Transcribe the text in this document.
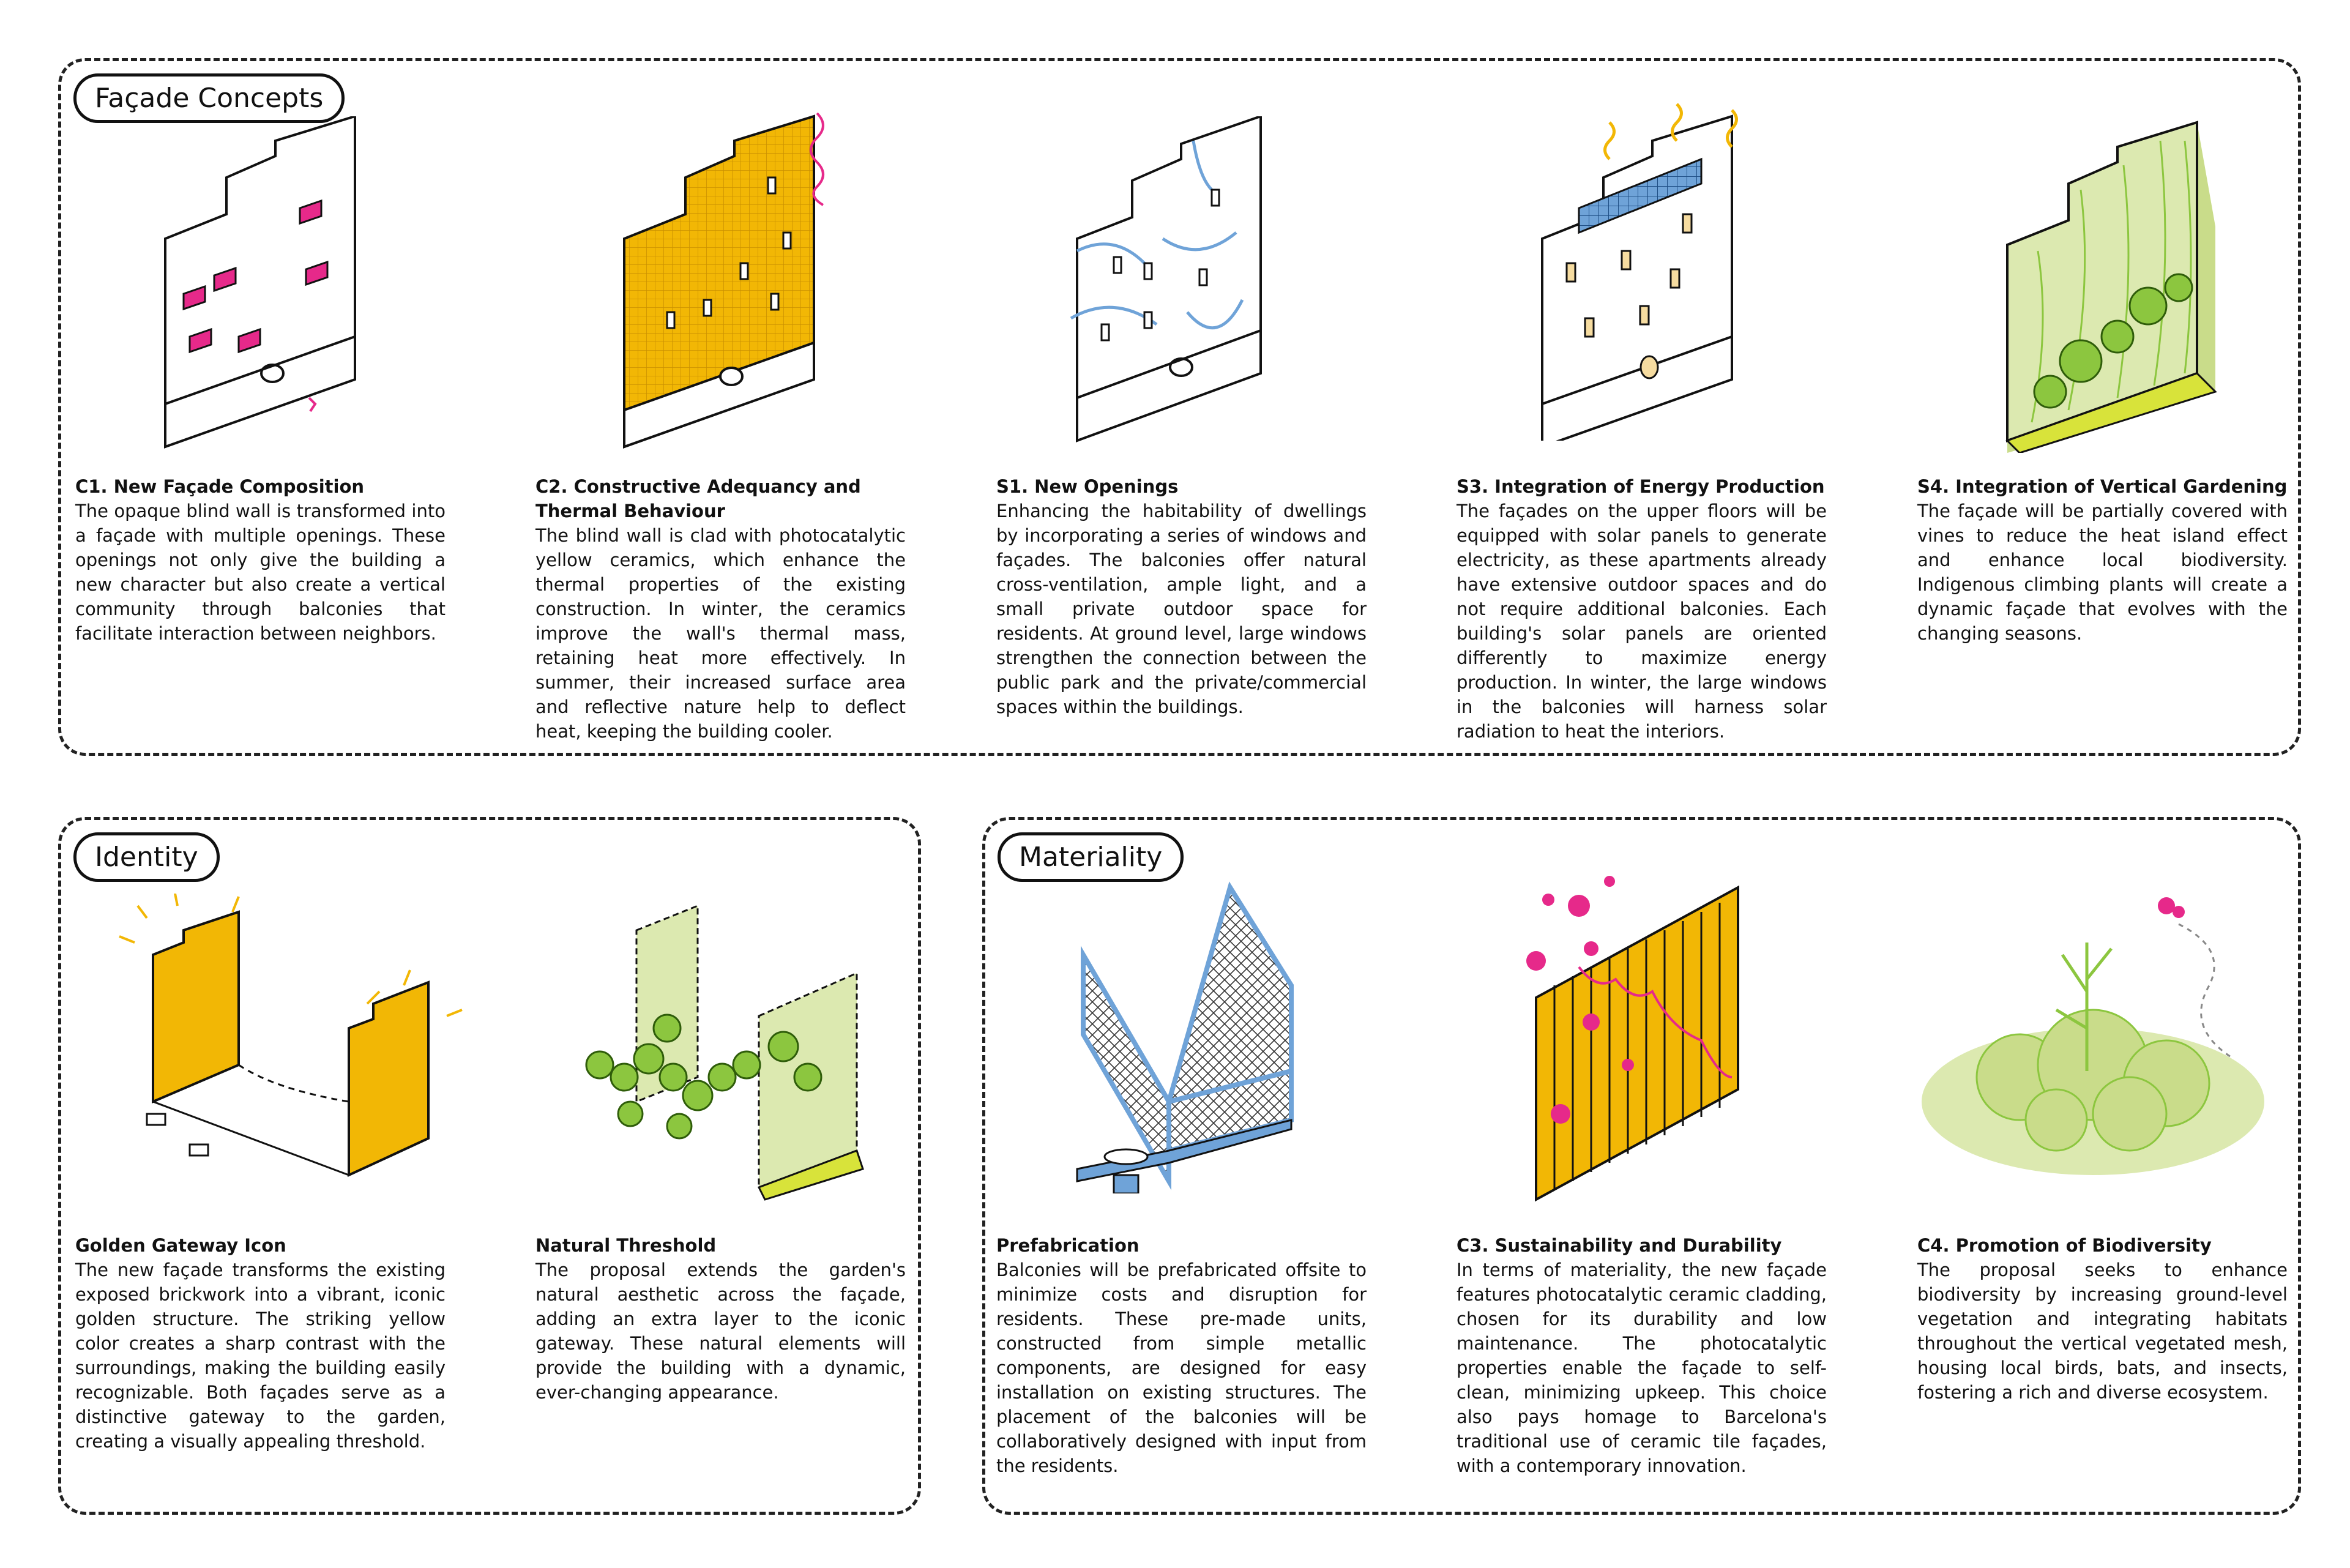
Façade Concepts
Identity	Materiality
C1. New Façade Composition

The opaque blind wall is transformed into a façade with multiple openings. These openings not only give the building a new character but also create a vertical community through balconies that facilitate interaction between neighbors.

C2. Constructive Adequancy and Thermal Behaviour

The blind wall is clad with photocatalytic yellow ceramics, which enhance the thermal properties of the existing construction. In winter, the ceramics improve the wall's thermal mass, retaining heat more effectively. In summer, their increased surface area and reflective nature help to deflect heat, keeping the building cooler.

S1. New Openings

Enhancing the habitability of dwellings by incorporating a series of windows and façades. The balconies offer natural cross-ventilation, ample light, and a small private outdoor space for residents. At ground level, large windows strengthen the connection between the public park and the private/commercial spaces within the buildings.

S3. Integration of Energy Production

The façades on the upper floors will be equipped with solar panels to generate electricity, as these apartments already have extensive outdoor spaces and do not require additional balconies. Each building's solar panels are oriented differently to maximize energy production. In winter, the large windows in the balconies will harness solar radiation to heat the interiors.

S4. Integration of Vertical Gardening

The façade will be partially covered with vines to reduce the heat island effect and enhance local biodiversity. Indigenous climbing plants will create a dynamic façade that evolves with the changing seasons.

Golden Gateway Icon

The new façade transforms the existing exposed brickwork into a vibrant, iconic golden structure. The striking yellow color creates a sharp contrast with the surroundings, making the building easily recognizable. Both façades serve as a distinctive gateway to the garden, creating a visually appealing threshold.

Natural Threshold

The proposal extends the garden's natural aesthetic across the façade, adding an extra layer to the iconic gateway. These natural elements will provide the building with a dynamic, ever-changing appearance.

Prefabrication

Balconies will be prefabricated offsite to minimize costs and disruption for residents. These pre-made units, constructed from simple metallic components, are designed for easy installation on existing structures. The placement of the balconies will be collaboratively designed with input from the residents.

C3. Sustainability and Durability

In terms of materiality, the new façade features photocatalytic ceramic cladding, chosen for its durability and low maintenance. The photocatalytic properties enable the façade to self-clean, minimizing upkeep. This choice also pays homage to Barcelona's traditional use of ceramic tile façades, with a contemporary innovation.

C4. Promotion of Biodiversity

The proposal seeks to enhance biodiversity by increasing ground-level vegetation and integrating habitats throughout the vertical vegetated mesh, housing local birds, bats, and insects, fostering a rich and diverse ecosystem.
